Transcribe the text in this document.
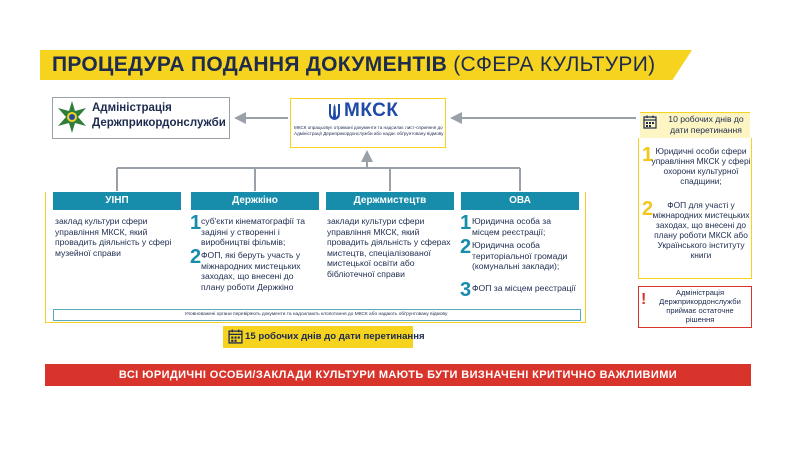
ПРОЦЕДУРА ПОДАННЯ ДОКУМЕНТІВ (СФЕРА КУЛЬТУРИ)
Адміністрація Держприкордонслужби
МКСК
МКСК опрацьовує отримані документи та надсилає лист-сприяння до Адміністрації Держприкордонслужби або надає обґрунтовану відмову
10 робочих днів до дати перетинання
1 Юридичні особи сфери управління МКСК у сфері охорони культурної спадщини;
2	ФОП для участі у міжнародних мистецьких заходах, що внесені до плану роботи МКСК або Українського інституту книги
!	Адміністрація Держприкордонслужби приймає остаточне рішення
УІНП	Держкіно	Держмистецтв	ОВА
заклад культури сфери управління МКСК, який провадить діяльність у сфері музейної справи
1 суб'єкти кінематографії та задіяні у створенні і виробництві фільмів;
2 ФОП, які беруть участь у міжнародних мистецьких заходах, що внесені до плану роботи Держкіно
заклади культури сфери управління МКСК, який провадить діяльність у сферах мистецтв, спеціалізованої мистецької освіти або бібліотечної справи
1 Юридична особа за місцем реєстрації;
2 Юридична особа територіальної громади (комунальні заклади);
3 ФОП за місцем реєстрації
Уповноважені органи перевіряють документи та надсилають клопотання до МКСК або надають обґрунтовану відмову
15 робочих днів до дати перетинання
ВСІ ЮРИДИЧНІ ОСОБИ/ЗАКЛАДИ КУЛЬТУРИ МАЮТЬ БУТИ ВИЗНАЧЕНІ КРИТИЧНО ВАЖЛИВИМИ
